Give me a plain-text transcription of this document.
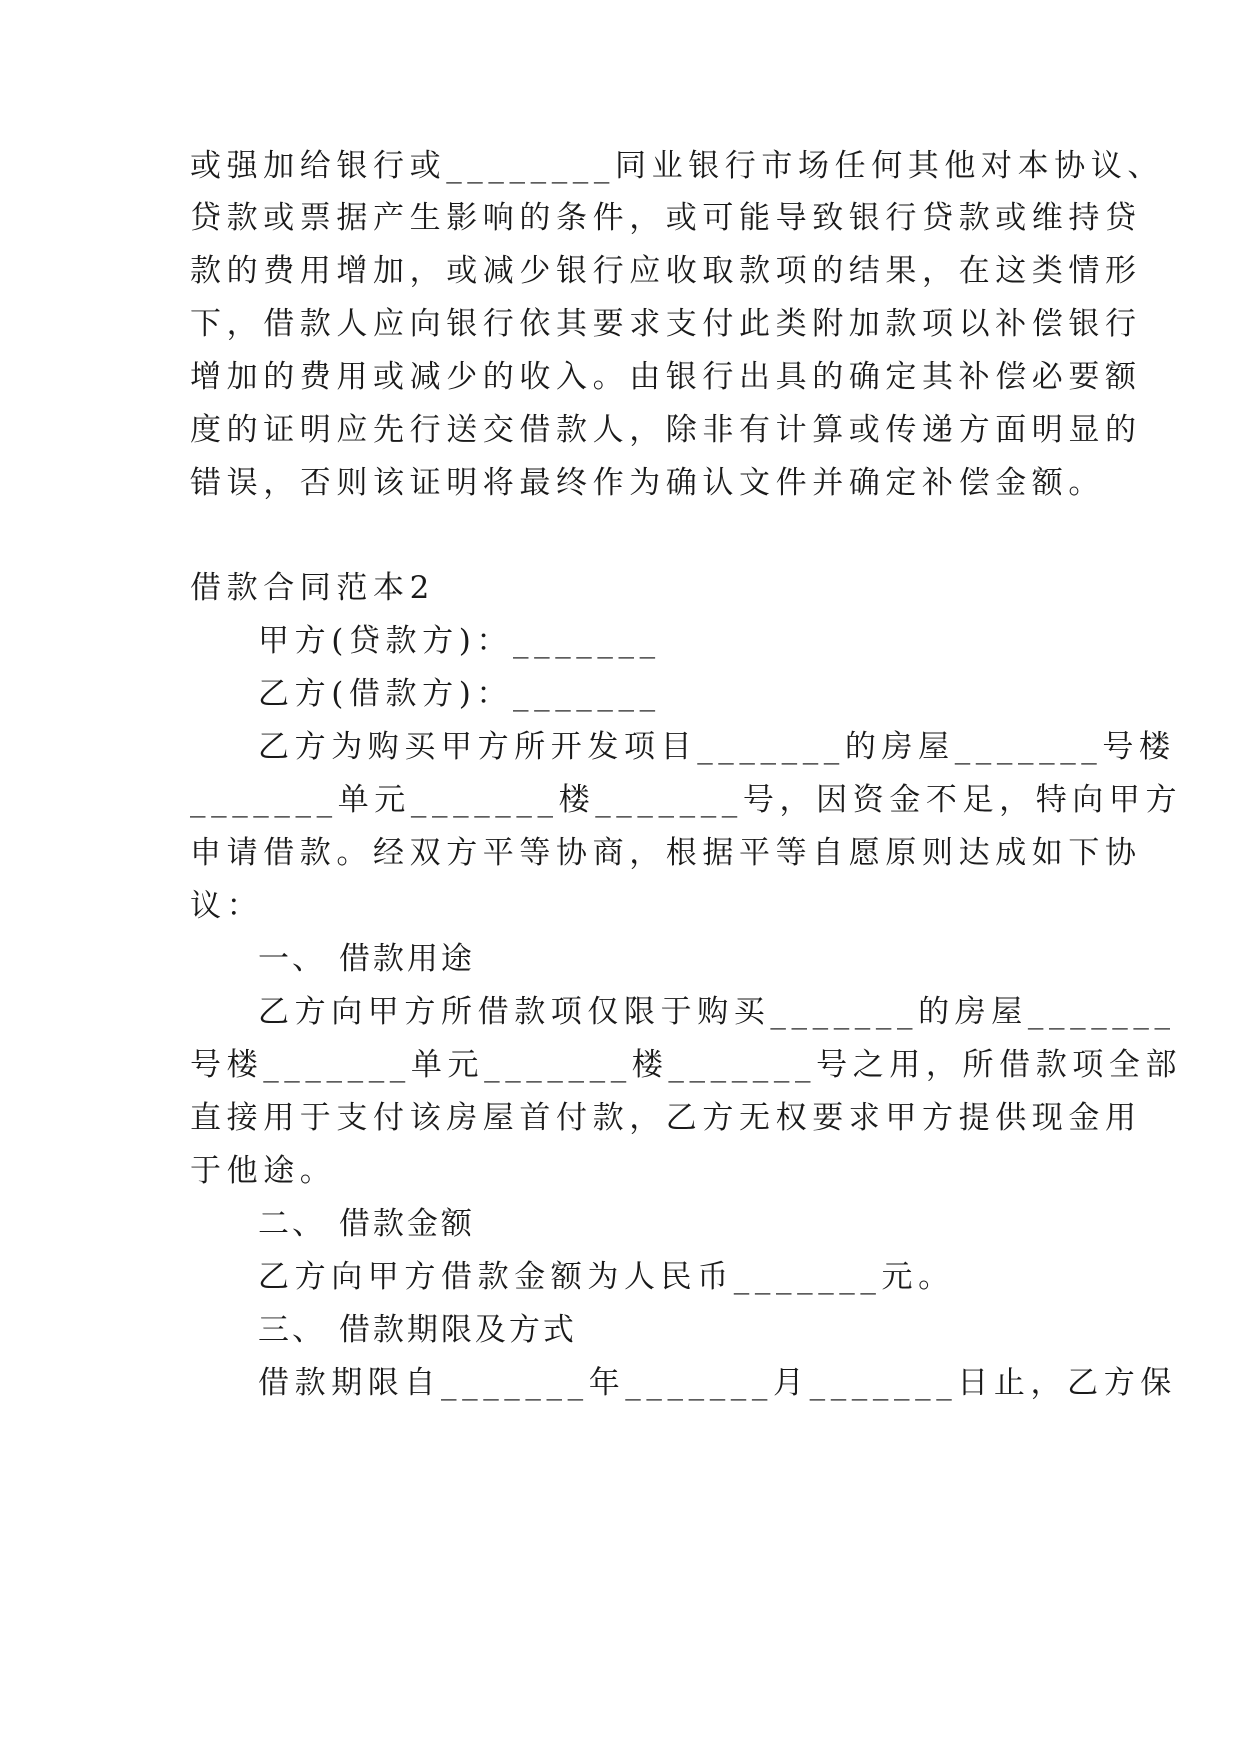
或强加给银行或________同业银行市场任何其他对本协议、
贷款或票据产生影响的条件，或可能导致银行贷款或维持贷
款的费用增加，或减少银行应收取款项的结果，在这类情形
下，借款人应向银行依其要求支付此类附加款项以补偿银行
增加的费用或减少的收入。由银行出具的确定其补偿必要额
度的证明应先行送交借款人，除非有计算或传递方面明显的
错误，否则该证明将最终作为确认文件并确定补偿金额。
借款合同范本2
甲方(贷款方)：_______
乙方(借款方)：_______
乙方为购买甲方所开发项目_______的房屋_______号楼
_______单元_______楼_______号，因资金不足，特向甲方
申请借款。经双方平等协商，根据平等自愿原则达成如下协
议：
一、 借款用途
乙方向甲方所借款项仅限于购买_______的房屋_______
号楼_______单元_______楼_______号之用，所借款项全部
直接用于支付该房屋首付款，乙方无权要求甲方提供现金用
于他途。
二、 借款金额
乙方向甲方借款金额为人民币_______元。
三、 借款期限及方式
借款期限自_______年_______月_______日止，乙方保
